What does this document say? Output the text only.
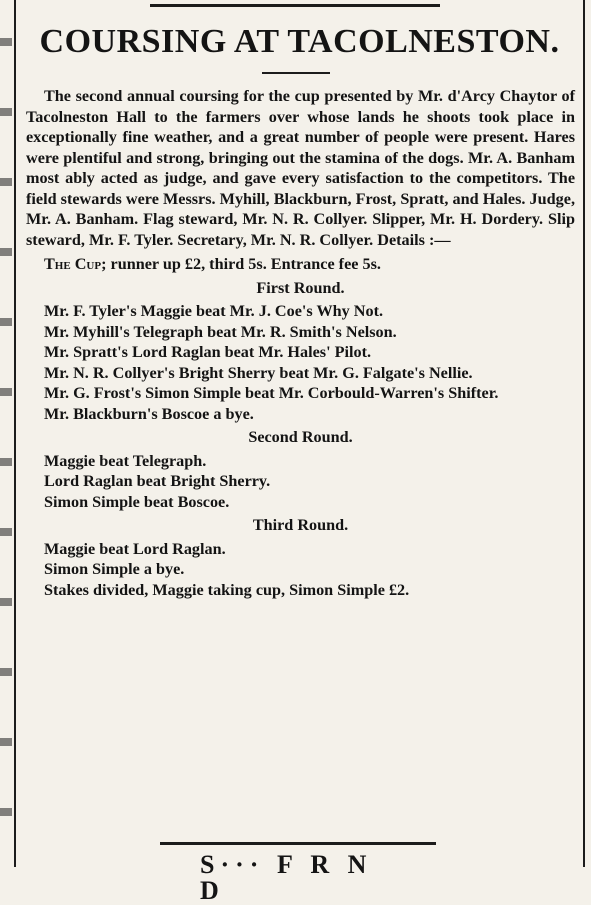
COURSING AT TACOLNESTON.

The second annual coursing for the cup presented by Mr. d'Arcy Chaytor of Tacolneston Hall to the farmers over whose lands he shoots took place in exceptionally fine weather, and a great number of people were present. Hares were plentiful and strong, bringing out the stamina of the dogs. Mr. A. Banham most ably acted as judge, and gave every satisfaction to the competitors. The field stewards were Messrs. Myhill, Blackburn, Frost, Spratt, and Hales. Judge, Mr. A. Banham. Flag steward, Mr. N. R. Collyer. Slipper, Mr. H. Dordery. Slip steward, Mr. F. Tyler. Secretary, Mr. N. R. Collyer. Details :—

The Cup; runner up £2, third 5s. Entrance fee 5s.

First Round.

Mr. F. Tyler's Maggie beat Mr. J. Coe's Why Not.

Mr. Myhill's Telegraph beat Mr. R. Smith's Nelson.

Mr. Spratt's Lord Raglan beat Mr. Hales' Pilot.

Mr. N. R. Collyer's Bright Sherry beat Mr. G. Falgate's Nellie.

Mr. G. Frost's Simon Simple beat Mr. Corbould-Warren's Shifter.

Mr. Blackburn's Boscoe a bye.

Second Round.

Maggie beat Telegraph.

Lord Raglan beat Bright Sherry.

Simon Simple beat Boscoe.

Third Round.

Maggie beat Lord Raglan.

Simon Simple a bye.

Stakes divided, Maggie taking cup, Simon Simple £2.

S··· F R N D
